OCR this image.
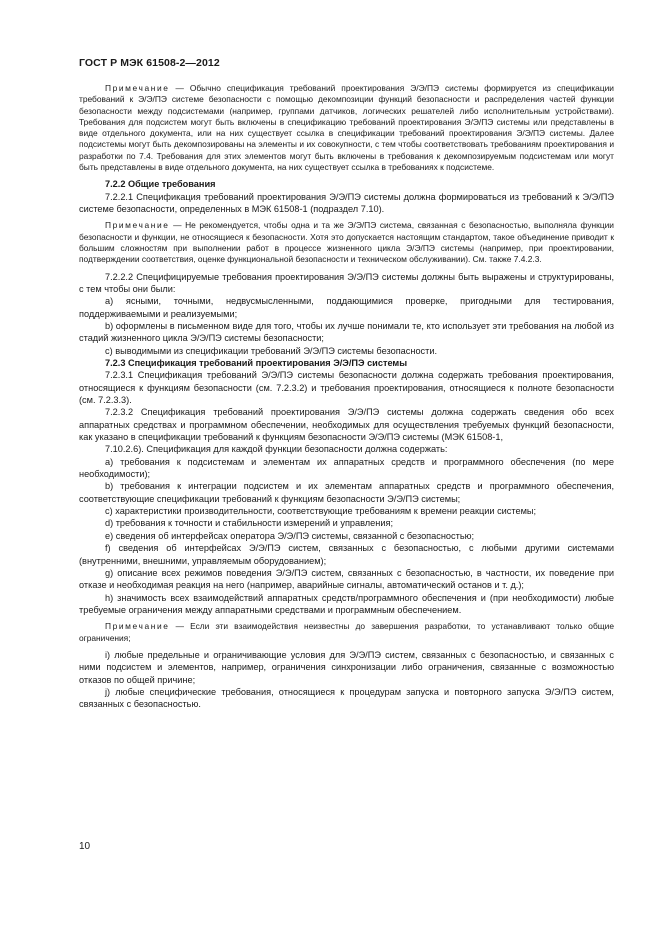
ГОСТ Р МЭК 61508-2—2012

Примечание — Обычно спецификация требований проектирования Э/Э/ПЭ системы формируется из спецификации требований к Э/Э/ПЭ системе безопасности с помощью декомпозиции функций безопасности и распределения частей функции безопасности между подсистемами (например, группами датчиков, логических решателей либо исполнительным устройствами). Требования для подсистем могут быть включены в спецификацию требований проектирования Э/Э/ПЭ системы или представлены в виде отдельного документа, или на них существует ссылка в спецификации требований проектирования Э/Э/ПЭ системы. Далее подсистемы могут быть декомпозированы на элементы и их совокупности, с тем чтобы соответствовать требованиям проектирования и разработки по 7.4. Требования для этих элементов могут быть включены в требования к декомпозируемым подсистемам или могут быть представлены в виде отдельного документа, на них существует ссылка в требованиях к подсистеме.

7.2.2 Общие требования

7.2.2.1 Спецификация требований проектирования Э/Э/ПЭ системы должна формироваться из требований к Э/Э/ПЭ системе безопасности, определенных в МЭК 61508-1 (подраздел 7.10).

Примечание — Не рекомендуется, чтобы одна и та же Э/Э/ПЭ система, связанная с безопасностью, выполняла функции безопасности и функции, не относящиеся к безопасности. Хотя это допускается настоящим стандартом, такое объединение приводит к большим сложностям при выполнении работ в процессе жизненного цикла Э/Э/ПЭ системы (например, при проектировании, подтверждении соответствия, оценке функциональной безопасности и техническом обслуживании). См. также 7.4.2.3.

7.2.2.2 Специфицируемые требования проектирования Э/Э/ПЭ системы должны быть выражены и структурированы, с тем чтобы они были:

a) ясными, точными, недвусмысленными, поддающимися проверке, пригодными для тестирования, поддерживаемыми и реализуемыми;

b) оформлены в письменном виде для того, чтобы их лучше понимали те, кто использует эти требования на любой из стадий жизненного цикла Э/Э/ПЭ системы безопасности;

c) выводимыми из спецификации требований Э/Э/ПЭ системы безопасности.

7.2.3 Спецификация требований проектирования Э/Э/ПЭ системы

7.2.3.1 Спецификация требований Э/Э/ПЭ системы безопасности должна содержать требования проектирования, относящиеся к функциям безопасности (см. 7.2.3.2) и требования проектирования, относящиеся к полноте безопасности (см. 7.2.3.3).

7.2.3.2 Спецификация требований проектирования Э/Э/ПЭ системы должна содержать сведения обо всех аппаратных средствах и программном обеспечении, необходимых для осуществления требуемых функций безопасности, как указано в спецификации требований к функциям безопасности Э/Э/ПЭ системы (МЭК 61508-1,

7.10.2.6). Спецификация для каждой функции безопасности должна содержать:

a) требования к подсистемам и элементам их аппаратных средств и программного обеспечения (по мере необходимости);

b) требования к интеграции подсистем и их элементам аппаратных средств и программного обеспечения, соответствующие спецификации требований к функциям безопасности Э/Э/ПЭ системы;

c) характеристики производительности, соответствующие требованиям к времени реакции системы;

d) требования к точности и стабильности измерений и управления;

e) сведения об интерфейсах оператора Э/Э/ПЭ системы, связанной с безопасностью;

f) сведения об интерфейсах Э/Э/ПЭ систем, связанных с безопасностью, с любыми другими системами (внутренними, внешними, управляемым оборудованием);

g) описание всех режимов поведения Э/Э/ПЭ систем, связанных с безопасностью, в частности, их поведение при отказе и необходимая реакция на него (например, аварийные сигналы, автоматический останов и т. д.);

h) значимость всех взаимодействий аппаратных средств/программного обеспечения и (при необходимости) любые требуемые ограничения между аппаратными средствами и программным обеспечением.

Примечание — Если эти взаимодействия неизвестны до завершения разработки, то устанавливают только общие ограничения;

i) любые предельные и ограничивающие условия для Э/Э/ПЭ систем, связанных с безопасностью, и связанных с ними подсистем и элементов, например, ограничения синхронизации либо ограничения, связанные с возможностью отказов по общей причине;

j) любые специфические требования, относящиеся к процедурам запуска и повторного запуска Э/Э/ПЭ систем, связанных с безопасностью.

10
